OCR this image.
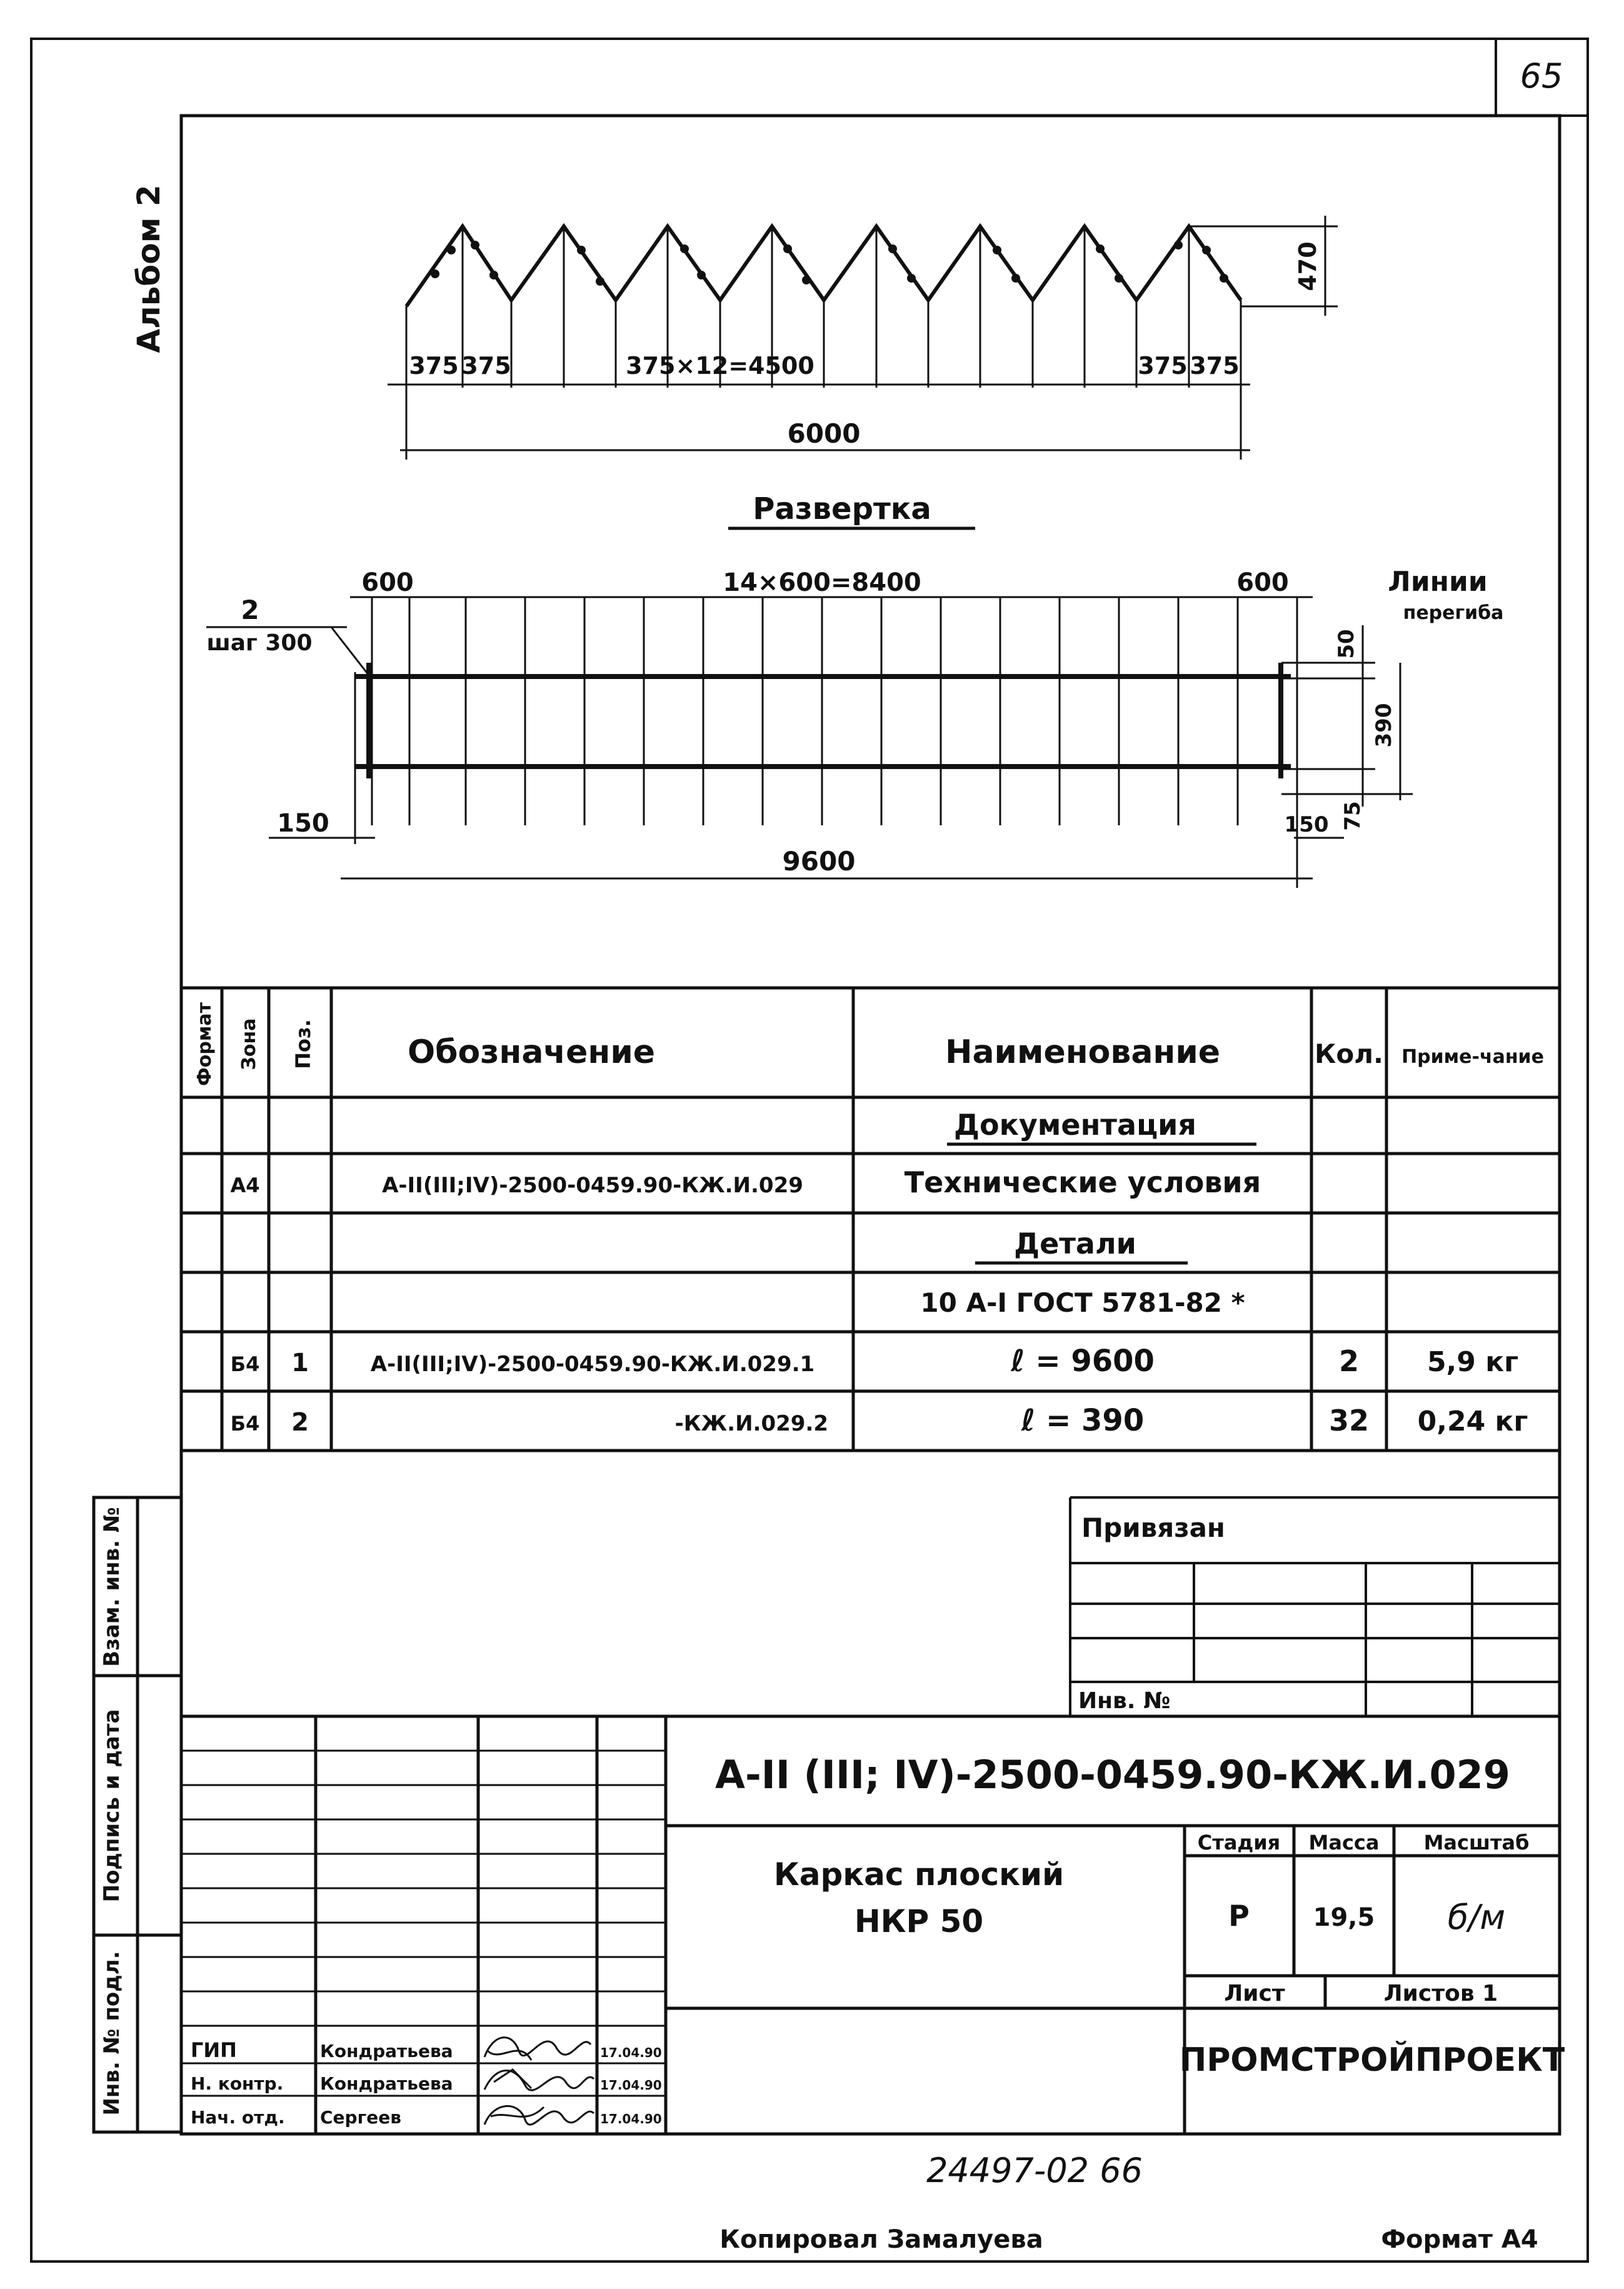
65
Альбом 2
375 375	375×12=4500	375 375
6000
470
Развертка
600	14×600=8400	600
2
шаг 300
Линии
перегиба
50
390
75
150	150
9600
Формат Зона Поз.	Обозначение	Наименование	Кол. Приме-чание
Документация
А4	А-II(III;IV)-2500-0459.90-КЖ.И.029	Технические условия
Детали
10 А-I ГОСТ 5781-82 *
Б4 1	А-II(III;IV)-2500-0459.90-КЖ.И.029.1	ℓ = 9600	2 5,9 кг
Б4 2	-КЖ.И.029.2	ℓ = 390	32 0,24 кг
Взам. инв. №
Подпись и дата
Инв. № подл.
Привязан
Инв. №
А-II (III; IV)-2500-0459.90-КЖ.И.029
Каркас плоский
НКР 50
Стадия Масса Масштаб
Р	19,5 б/м
Лист	Листов 1
ПРОМСТРОЙПРОЕКТ
ГИП	Кондратьева	17.04.90
Н. контр. Кондратьева	17.04.90
Нач. отд. Сергеев	17.04.90
24497-02 66
Копировал Замалуева	Формат А4
